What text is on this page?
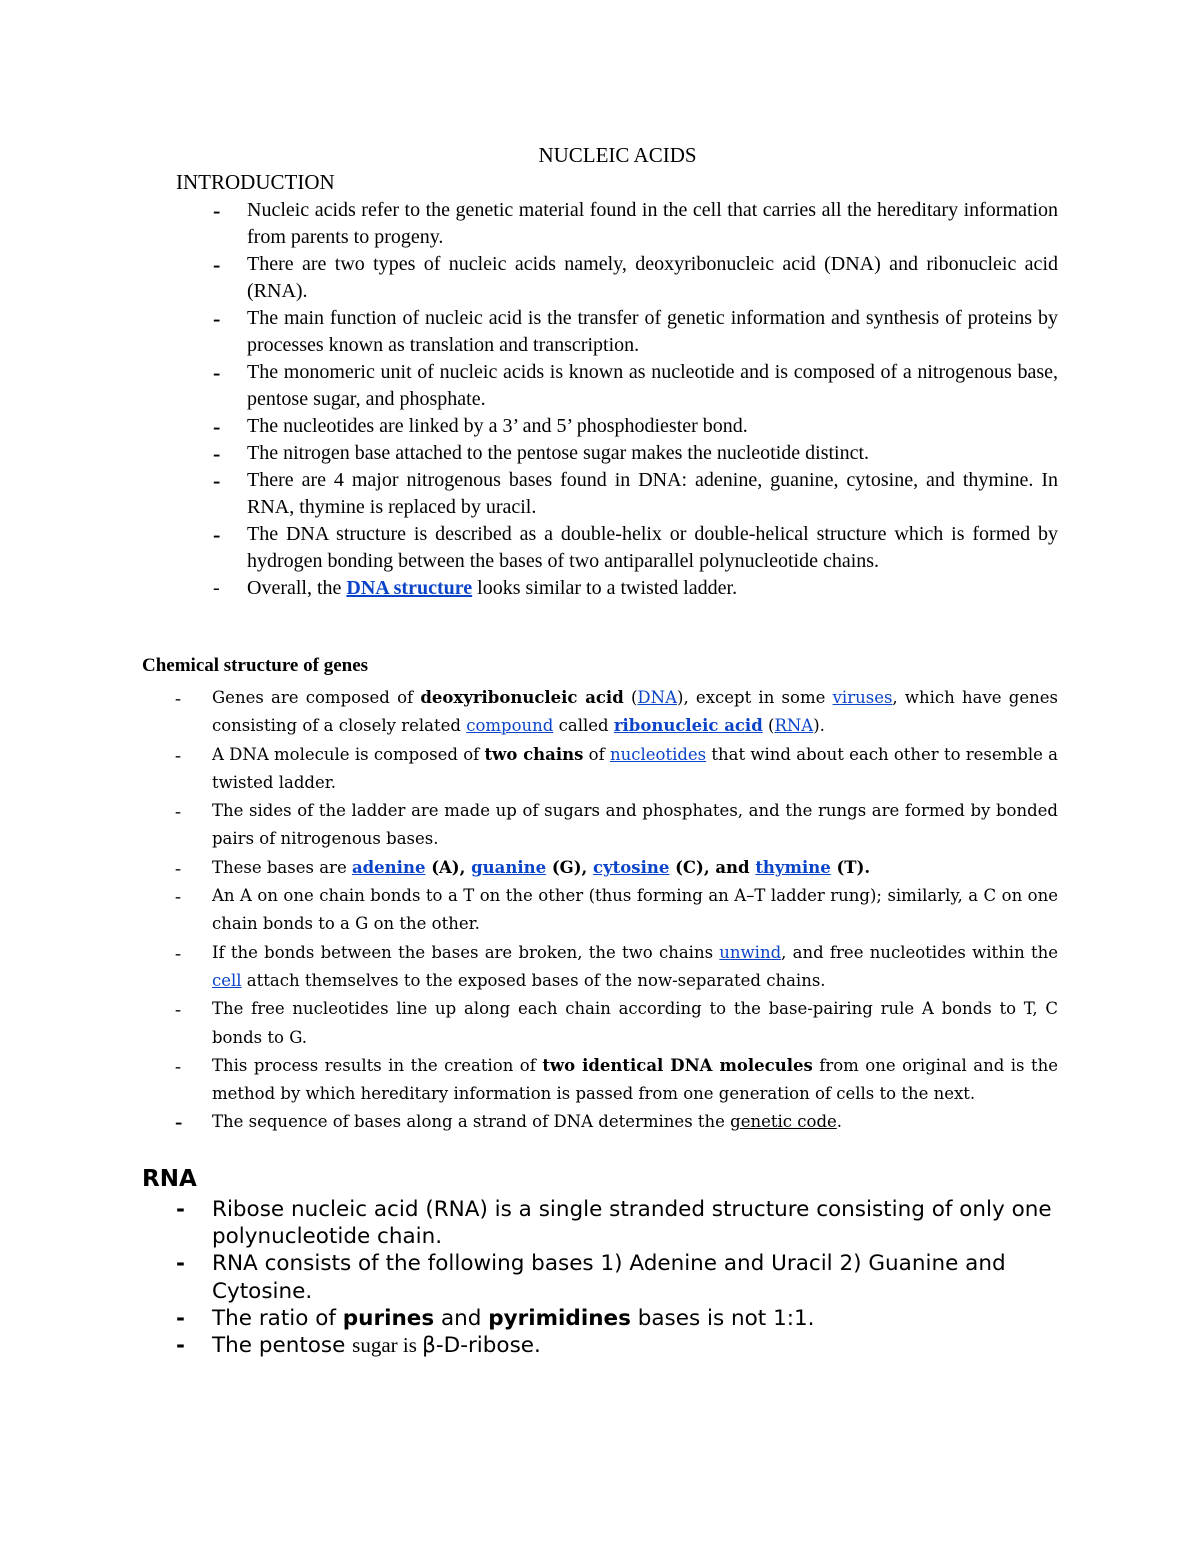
NUCLEIC ACIDS
INTRODUCTION
-	Nucleic acids refer to the genetic material found in the cell that carries all the hereditary information from parents to progeny.
-	There are two types of nucleic acids namely, deoxyribonucleic acid (DNA) and ribonucleic acid (RNA).
-	The main function of nucleic acid is the transfer of genetic information and synthesis of proteins by processes known as translation and transcription.
-	The monomeric unit of nucleic acids is known as nucleotide and is composed of a nitrogenous base, pentose sugar, and phosphate.
-	The nucleotides are linked by a 3’ and 5’ phosphodiester bond.
-	The nitrogen base attached to the pentose sugar makes the nucleotide distinct.
-	There are 4 major nitrogenous bases found in DNA: adenine, guanine, cytosine, and thymine. In RNA, thymine is replaced by uracil.
-	The DNA structure is described as a double-helix or double-helical structure which is formed by hydrogen bonding between the bases of two antiparallel polynucleotide chains.
-	Overall, the DNA structure looks similar to a twisted ladder.
Chemical structure of genes
-	Genes are composed of deoxyribonucleic acid (DNA), except in some viruses, which have genes consisting of a closely related compound called ribonucleic acid (RNA).
-	A DNA molecule is composed of two chains of nucleotides that wind about each other to resemble a twisted ladder.
-	The sides of the ladder are made up of sugars and phosphates, and the rungs are formed by bonded pairs of nitrogenous bases.
-	These bases are adenine (A), guanine (G), cytosine (C), and thymine (T).
-	An A on one chain bonds to a T on the other (thus forming an A–T ladder rung); similarly, a C on one chain bonds to a G on the other.
-	If the bonds between the bases are broken, the two chains unwind, and free nucleotides within the cell attach themselves to the exposed bases of the now-separated chains.
-	The free nucleotides line up along each chain according to the base-pairing rule A bonds to T, C bonds to G.
-	This process results in the creation of two identical DNA molecules from one original and is the method by which hereditary information is passed from one generation of cells to the next.
-	The sequence of bases along a strand of DNA determines the genetic code.
RNA
-	Ribose nucleic acid (RNA) is a single stranded structure consisting of only one polynucleotide chain.
-	RNA consists of the following bases 1) Adenine and Uracil 2) Guanine and Cytosine.
-	The ratio of purines and pyrimidines bases is not 1:1.
-	The pentose sugar is β-D-ribose.
